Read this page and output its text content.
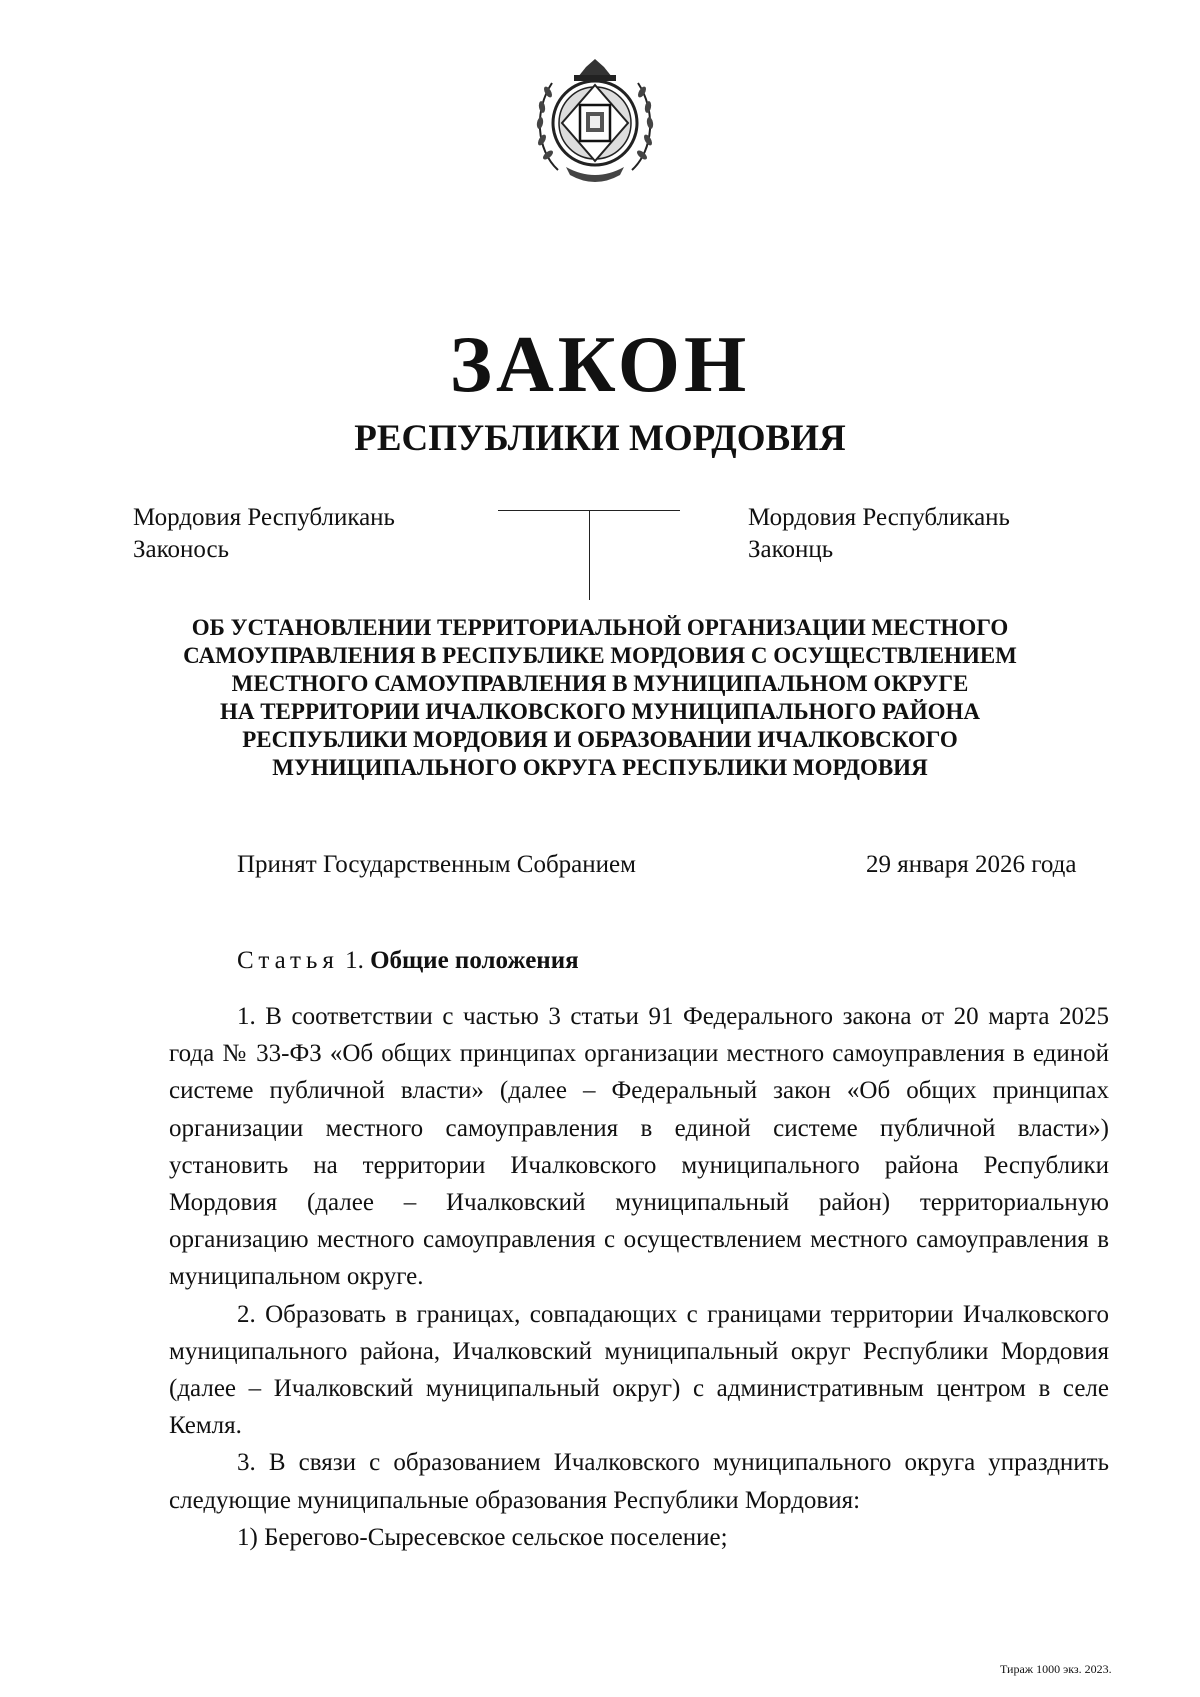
ЗАКОН
РЕСПУБЛИКИ МОРДОВИЯ
Мордовия Республикань
Законось
Мордовия Республикань
Законць
ОБ УСТАНОВЛЕНИИ ТЕРРИТОРИАЛЬНОЙ ОРГАНИЗАЦИИ МЕСТНОГО
САМОУПРАВЛЕНИЯ В РЕСПУБЛИКЕ МОРДОВИЯ С ОСУЩЕСТВЛЕНИЕМ
МЕСТНОГО САМОУПРАВЛЕНИЯ В МУНИЦИПАЛЬНОМ ОКРУГЕ
НА ТЕРРИТОРИИ ИЧАЛКОВСКОГО МУНИЦИПАЛЬНОГО РАЙОНА
РЕСПУБЛИКИ МОРДОВИЯ И ОБРАЗОВАНИИ ИЧАЛКОВСКОГО
МУНИЦИПАЛЬНОГО ОКРУГА РЕСПУБЛИКИ МОРДОВИЯ
Принят Государственным Собранием	29 января 2026 года
Статья 1. Общие положения

1. В соответствии с частью 3 статьи 91 Федерального закона от 20 марта 2025 года № 33-ФЗ «Об общих принципах организации местного самоуправления в единой системе публичной власти» (далее – Федеральный закон «Об общих принципах организации местного самоуправления в единой системе публичной власти») установить на территории Ичалковского муниципального района Республики Мордовия (далее – Ичалковский муниципальный район) территориальную организацию местного самоуправления с осуществлением местного самоуправления в муниципальном округе.

2. Образовать в границах, совпадающих с границами территории Ичалковского муниципального района, Ичалковский муниципальный округ Республики Мордовия (далее – Ичалковский муниципальный округ) с административным центром в селе Кемля.

3. В связи с образованием Ичалковского муниципального округа упразднить следующие муниципальные образования Республики Мордовия:

1) Берегово-Сыресевское сельское поселение;

Тираж 1000 экз. 2023.
